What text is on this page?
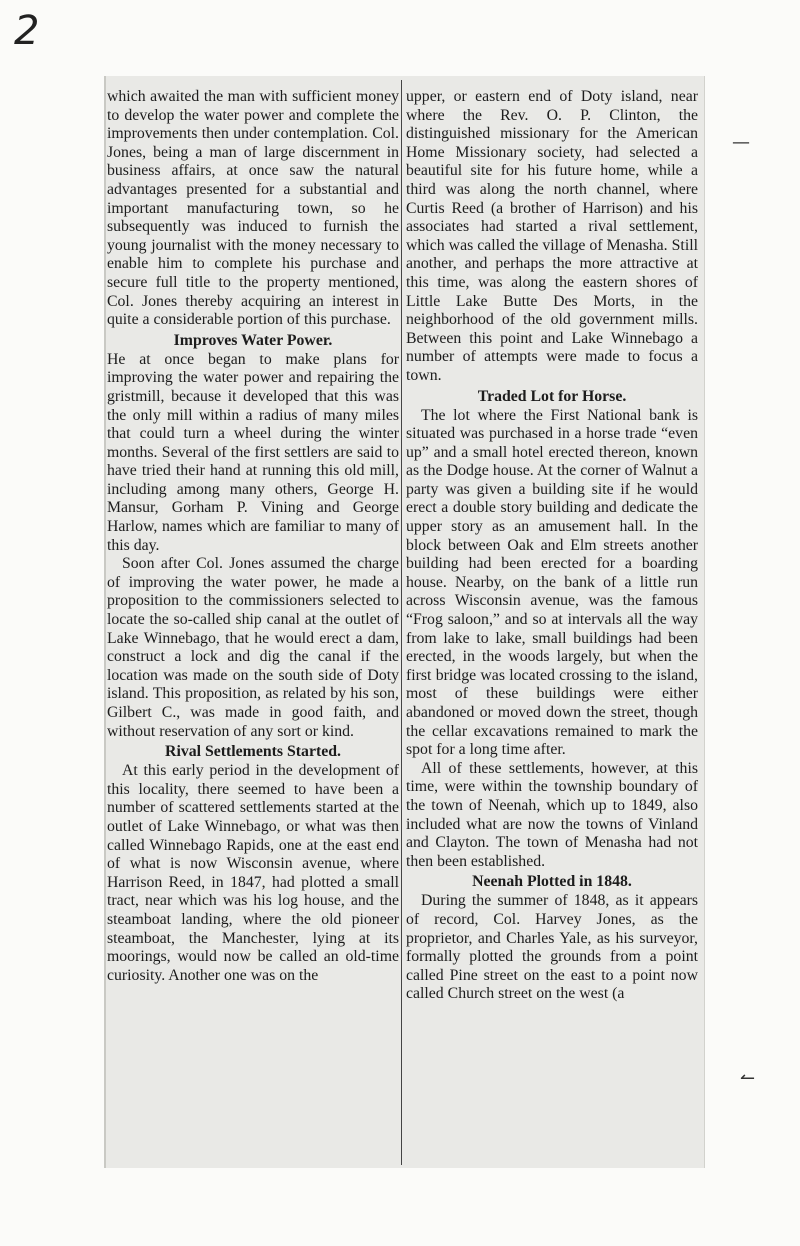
2

which awaited the man with sufficient money to develop the water power and complete the improvements then under contemplation. Col. Jones, being a man of large discernment in business affairs, at once saw the natural advantages presented for a substantial and important manufacturing town, so he subsequently was induced to furnish the young journalist with the money necessary to enable him to complete his purchase and secure full title to the property mentioned, Col. Jones thereby acquiring an interest in quite a considerable portion of this purchase.

Improves Water Power.

He at once began to make plans for improving the water power and repairing the gristmill, because it developed that this was the only mill within a radius of many miles that could turn a wheel during the winter months. Several of the first settlers are said to have tried their hand at running this old mill, including among many others, George H. Mansur, Gorham P. Vining and George Harlow, names which are familiar to many of this day.

Soon after Col. Jones assumed the charge of improving the water power, he made a proposition to the commissioners selected to locate the so-called ship canal at the outlet of Lake Winnebago, that he would erect a dam, construct a lock and dig the canal if the location was made on the south side of Doty island. This proposition, as related by his son, Gilbert C., was made in good faith, and without reservation of any sort or kind.

Rival Settlements Started.

At this early period in the development of this locality, there seemed to have been a number of scattered settlements started at the outlet of Lake Winnebago, or what was then called Winnebago Rapids, one at the east end of what is now Wisconsin avenue, where Harrison Reed, in 1847, had plotted a small tract, near which was his log house, and the steamboat landing, where the old pioneer steamboat, the Manchester, lying at its moorings, would now be called an old-time curiosity. Another one was on the

upper, or eastern end of Doty island, near where the Rev. O. P. Clinton, the distinguished missionary for the American Home Missionary society, had selected a beautiful site for his future home, while a third was along the north channel, where Curtis Reed (a brother of Harrison) and his associates had started a rival settlement, which was called the village of Menasha. Still another, and perhaps the more attractive at this time, was along the eastern shores of Little Lake Butte Des Morts, in the neighborhood of the old government mills. Between this point and Lake Winnebago a number of attempts were made to focus a town.

Traded Lot for Horse.

The lot where the First National bank is situated was purchased in a horse trade “even up” and a small hotel erected thereon, known as the Dodge house. At the corner of Walnut a party was given a building site if he would erect a double story building and dedicate the upper story as an amusement hall. In the block between Oak and Elm streets another building had been erected for a boarding house. Nearby, on the bank of a little run across Wisconsin avenue, was the famous “Frog saloon,” and so at intervals all the way from lake to lake, small buildings had been erected, in the woods largely, but when the first bridge was located crossing to the island, most of these buildings were either abandoned or moved down the street, though the cellar excavations remained to mark the spot for a long time after.

All of these settlements, however, at this time, were within the township boundary of the town of Neenah, which up to 1849, also included what are now the towns of Vinland and Clayton. The town of Menasha had not then been established.

Neenah Plotted in 1848.

During the summer of 1848, as it appears of record, Col. Harvey Jones, as the proprietor, and Charles Yale, as his surveyor, formally plotted the grounds from a point called Pine street on the east to a point now called Church street on the west (a

—
↼
